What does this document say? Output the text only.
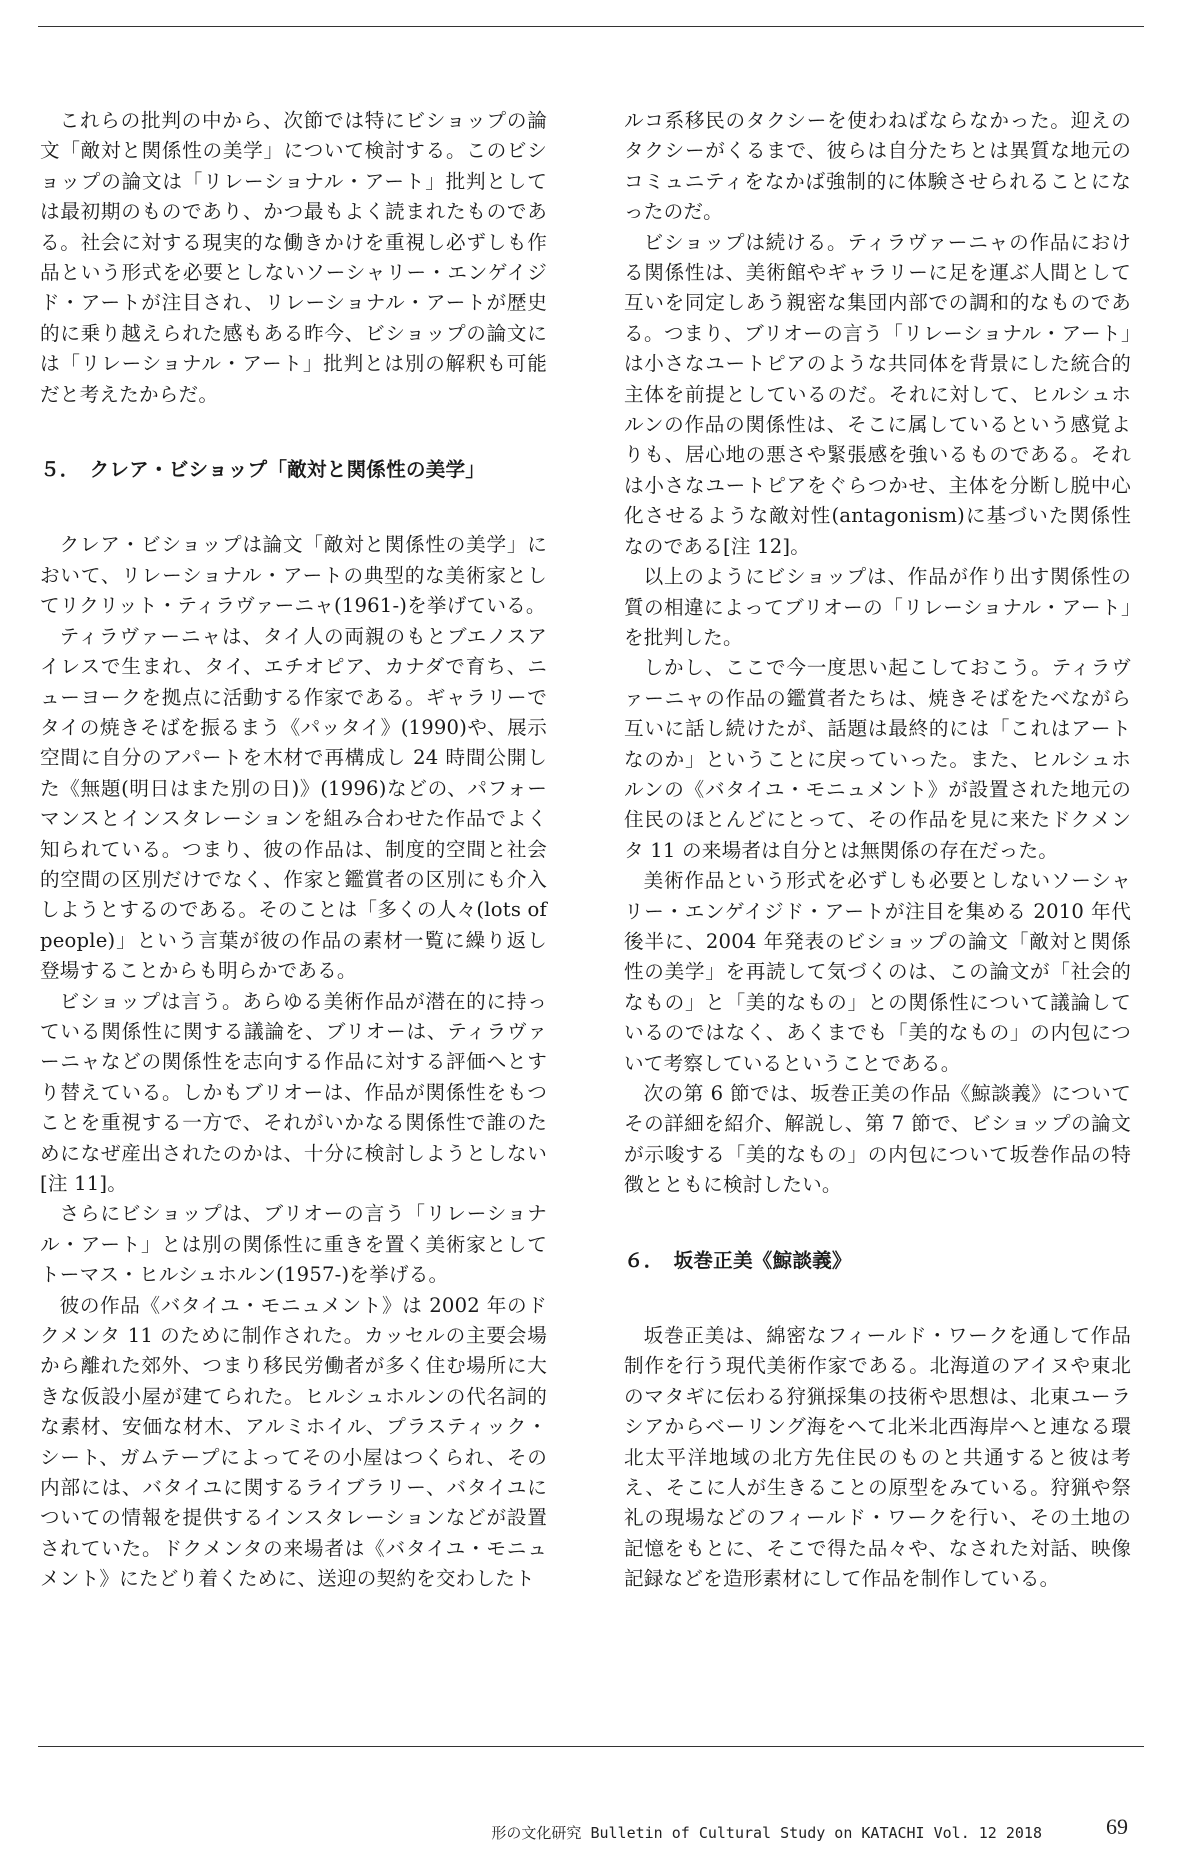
これらの批判の中から、次節では特にビショップの論文「敵対と関係性の美学」について検討する。このビショップの論文は「リレーショナル・アート」批判としては最初期のものであり、かつ最もよく読まれたものである。社会に対する現実的な働きかけを重視し必ずしも作品という形式を必要としないソーシャリー・エンゲイジド・アートが注目され、リレーショナル・アートが歴史的に乗り越えられた感もある昨今、ビショップの論文には「リレーショナル・アート」批判とは別の解釈も可能だと考えたからだ。

５．　クレア・ビショップ「敵対と関係性の美学」

クレア・ビショップは論文「敵対と関係性の美学」において、リレーショナル・アートの典型的な美術家としてリクリット・ティラヴァーニャ(1961-)を挙げている。

ティラヴァーニャは、タイ人の両親のもとブエノスアイレスで生まれ、タイ、エチオピア、カナダで育ち、ニューヨークを拠点に活動する作家である。ギャラリーでタイの焼きそばを振るまう《パッタイ》(1990)や、展示空間に自分のアパートを木材で再構成し 24 時間公開した《無題(明日はまた別の日)》(1996)などの、パフォーマンスとインスタレーションを組み合わせた作品でよく知られている。つまり、彼の作品は、制度的空間と社会的空間の区別だけでなく、作家と鑑賞者の区別にも介入しようとするのである。そのことは「多くの人々(lots of people)」という言葉が彼の作品の素材一覧に繰り返し登場することからも明らかである。

ビショップは言う。あらゆる美術作品が潜在的に持っている関係性に関する議論を、ブリオーは、ティラヴァーニャなどの関係性を志向する作品に対する評価へとすり替えている。しかもブリオーは、作品が関係性をもつことを重視する一方で、それがいかなる関係性で誰のためになぜ産出されたのかは、十分に検討しようとしない[注 11]。

さらにビショップは、ブリオーの言う「リレーショナル・アート」とは別の関係性に重きを置く美術家としてトーマス・ヒルシュホルン(1957-)を挙げる。

彼の作品《バタイユ・モニュメント》は 2002 年のドクメンタ 11 のために制作された。カッセルの主要会場から離れた郊外、つまり移民労働者が多く住む場所に大きな仮設小屋が建てられた。ヒルシュホルンの代名詞的な素材、安価な材木、アルミホイル、プラスティック・シート、ガムテープによってその小屋はつくられ、その内部には、バタイユに関するライブラリー、バタイユについての情報を提供するインスタレーションなどが設置されていた。ドクメンタの来場者は《バタイユ・モニュメント》にたどり着くために、送迎の契約を交わしたト

ルコ系移民のタクシーを使わねばならなかった。迎えのタクシーがくるまで、彼らは自分たちとは異質な地元のコミュニティをなかば強制的に体験させられることになったのだ。

ビショップは続ける。ティラヴァーニャの作品における関係性は、美術館やギャラリーに足を運ぶ人間として互いを同定しあう親密な集団内部での調和的なものである。つまり、ブリオーの言う「リレーショナル・アート」は小さなユートピアのような共同体を背景にした統合的主体を前提としているのだ。それに対して、ヒルシュホルンの作品の関係性は、そこに属しているという感覚よりも、居心地の悪さや緊張感を強いるものである。それは小さなユートピアをぐらつかせ、主体を分断し脱中心化させるような敵対性(antagonism)に基づいた関係性なのである[注 12]。

以上のようにビショップは、作品が作り出す関係性の質の相違によってブリオーの「リレーショナル・アート」を批判した。

しかし、ここで今一度思い起こしておこう。ティラヴァーニャの作品の鑑賞者たちは、焼きそばをたべながら互いに話し続けたが、話題は最終的には「これはアートなのか」ということに戻っていった。また、ヒルシュホルンの《バタイユ・モニュメント》が設置された地元の住民のほとんどにとって、その作品を見に来たドクメンタ 11 の来場者は自分とは無関係の存在だった。

美術作品という形式を必ずしも必要としないソーシャリー・エンゲイジド・アートが注目を集める 2010 年代後半に、2004 年発表のビショップの論文「敵対と関係性の美学」を再読して気づくのは、この論文が「社会的なもの」と「美的なもの」との関係性について議論しているのではなく、あくまでも「美的なもの」の内包について考察しているということである。

次の第 6 節では、坂巻正美の作品《鯨談義》についてその詳細を紹介、解説し、第 7 節で、ビショップの論文が示唆する「美的なもの」の内包について坂巻作品の特徴とともに検討したい。

６．　坂巻正美《鯨談義》

坂巻正美は、綿密なフィールド・ワークを通して作品制作を行う現代美術作家である。北海道のアイヌや東北のマタギに伝わる狩猟採集の技術や思想は、北東ユーラシアからベーリング海をへて北米北西海岸へと連なる環北太平洋地域の北方先住民のものと共通すると彼は考え、そこに人が生きることの原型をみている。狩猟や祭礼の現場などのフィールド・ワークを行い、その土地の記憶をもとに、そこで得た品々や、なされた対話、映像記録などを造形素材にして作品を制作している。

形の文化研究 Bulletin of Cultural Study on KATACHI Vol. 12 2018	69
